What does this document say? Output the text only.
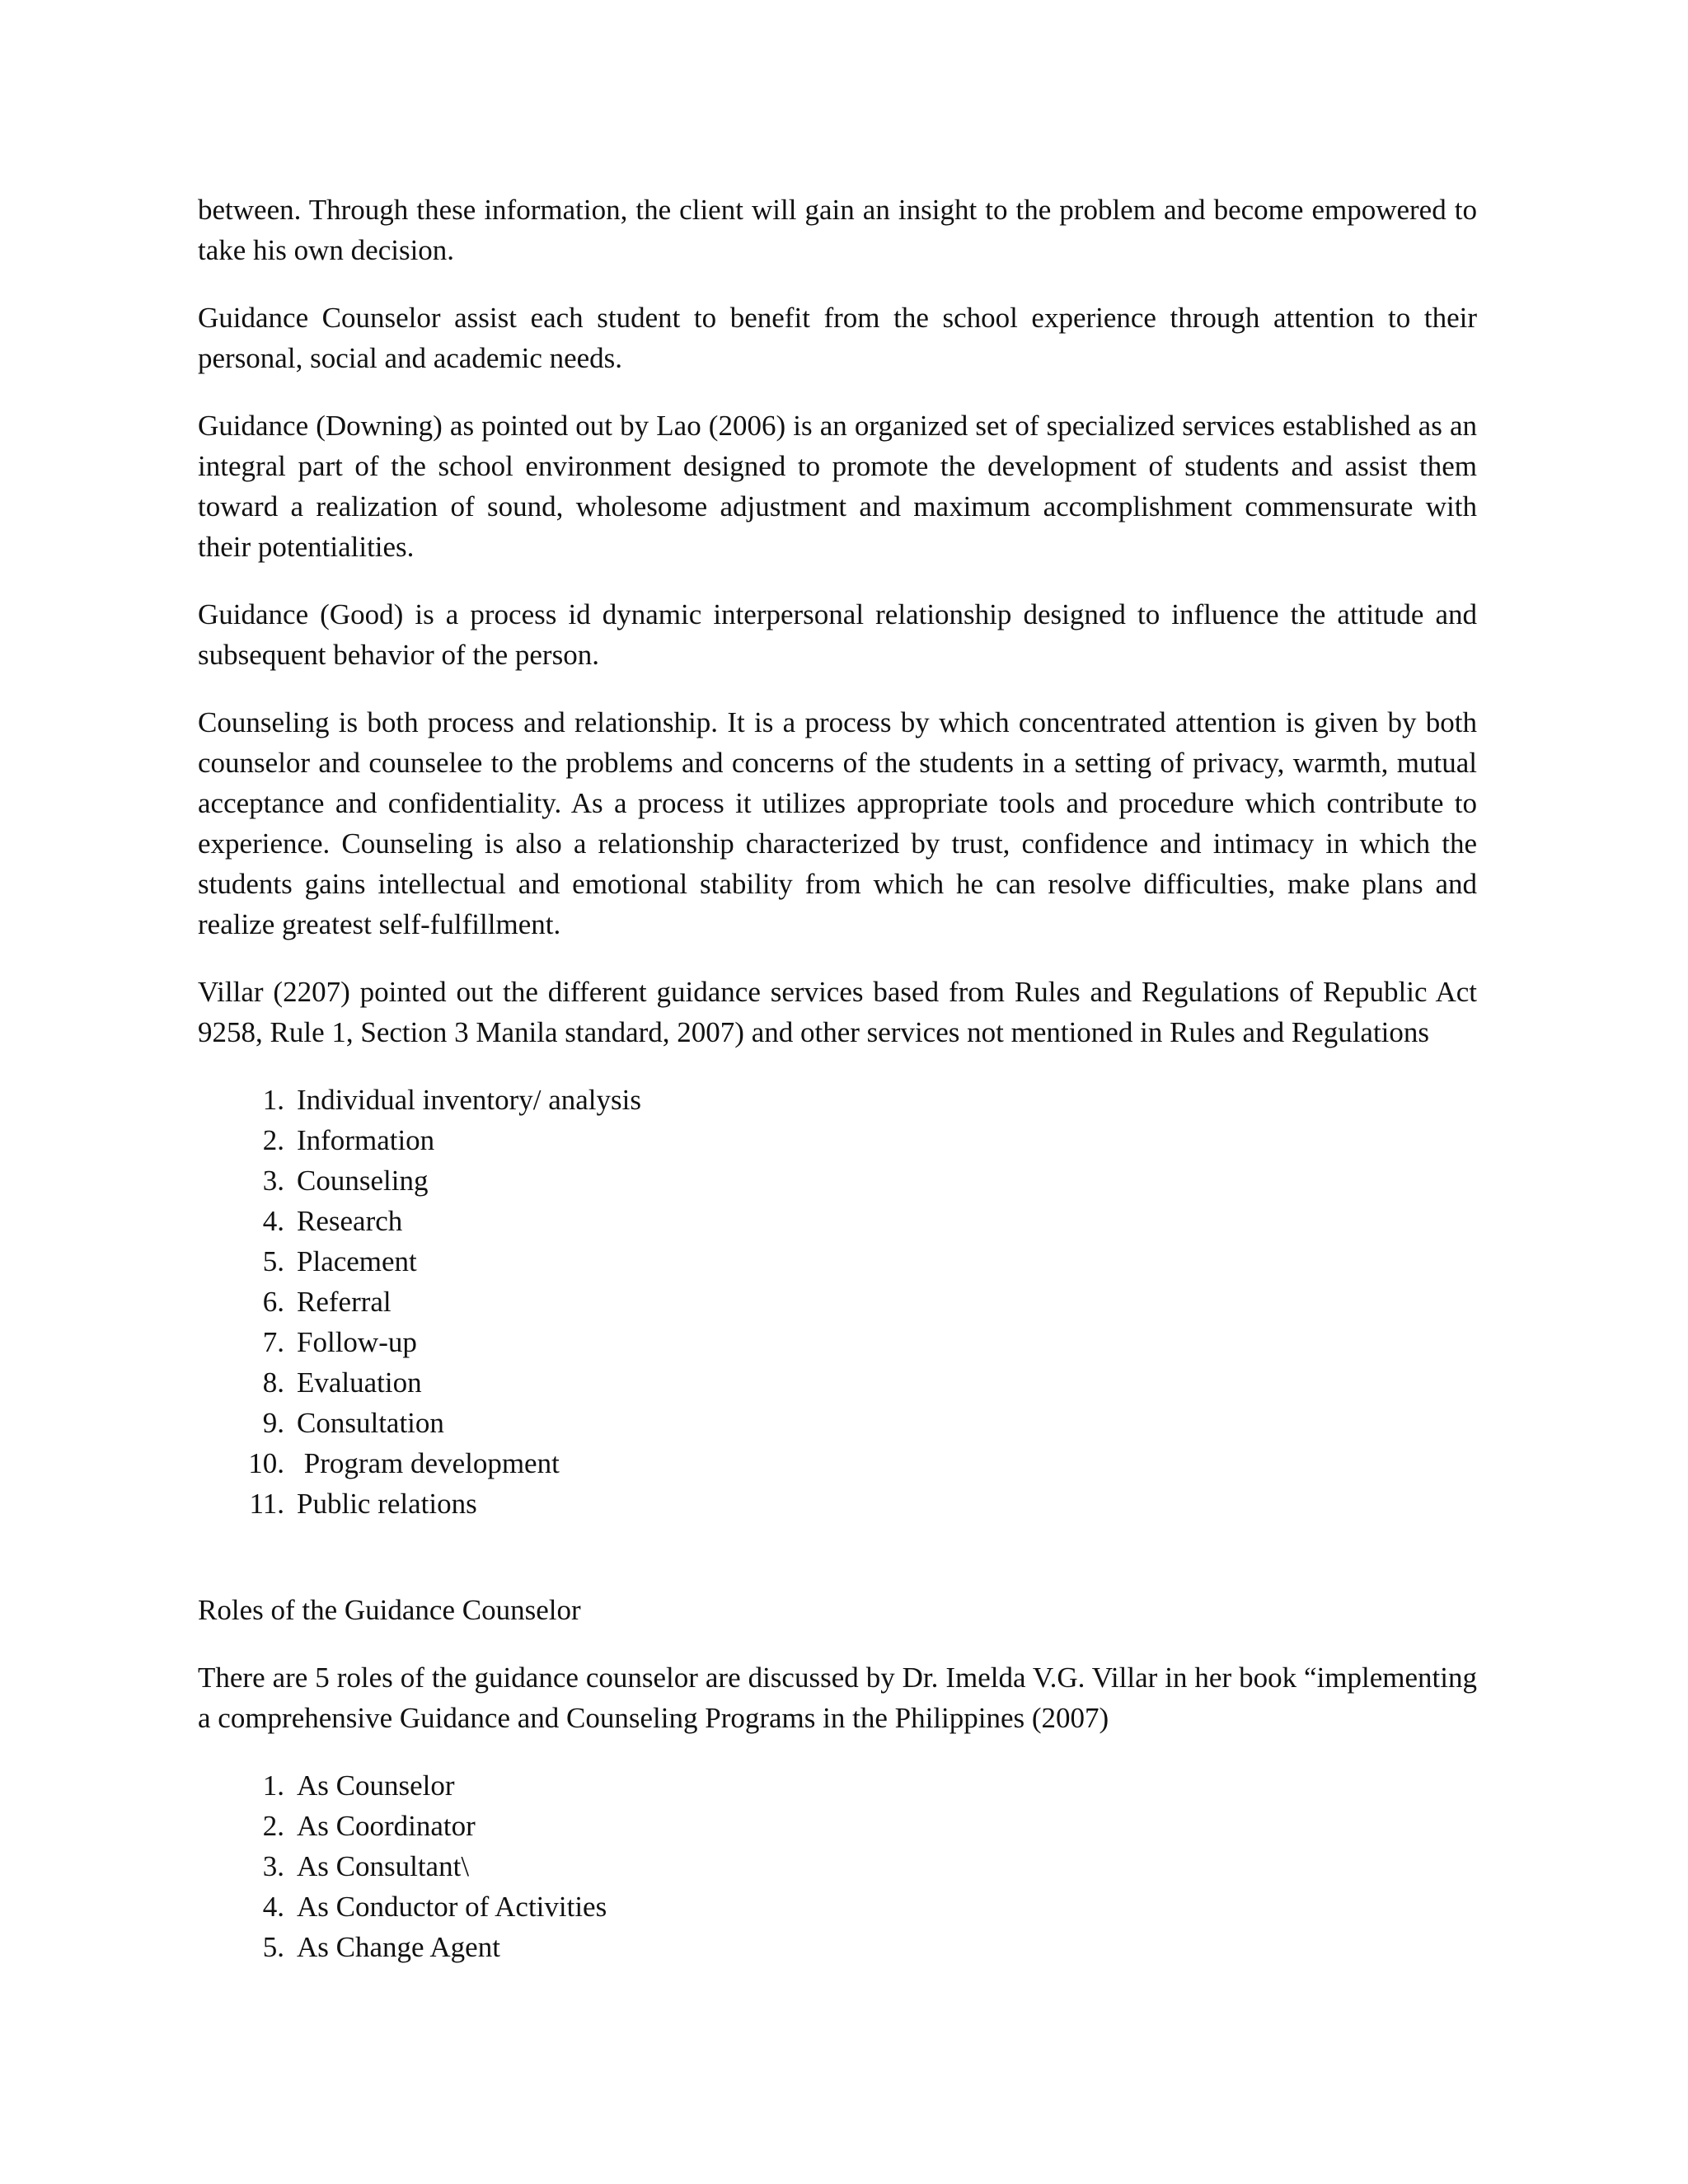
between. Through these information, the client will gain an insight to the problem and become empowered to take his own decision.

Guidance Counselor assist each student to benefit from the school experience through attention to their personal, social and academic needs.

Guidance (Downing) as pointed out by Lao (2006) is an organized set of specialized services established as an integral part of the school environment designed to promote the development of students and assist them toward a realization of sound, wholesome adjustment and maximum accomplishment commensurate with their potentialities.

Guidance (Good) is a process id dynamic interpersonal relationship designed to influence the attitude and subsequent behavior of the person.

Counseling is both process and relationship. It is a process by which concentrated attention is given by both counselor and counselee to the problems and concerns of the students in a setting of privacy, warmth, mutual acceptance and confidentiality. As a process it utilizes appropriate tools and procedure which contribute to experience. Counseling is also a relationship characterized by trust, confidence and intimacy in which the students gains intellectual and emotional stability from which he can resolve difficulties, make plans and realize greatest self-fulfillment.

Villar (2207) pointed out the different guidance services based from Rules and Regulations of Republic Act 9258, Rule 1, Section 3 Manila standard, 2007) and other services not mentioned in Rules and Regulations

1. Individual inventory/ analysis
2. Information
3. Counseling
4. Research
5. Placement
6. Referral
7. Follow-up
8. Evaluation
9. Consultation
10. Program development
11. Public relations

Roles of the Guidance Counselor

There are 5 roles of the guidance counselor are discussed by Dr. Imelda V.G. Villar in her book “implementing a comprehensive Guidance and Counseling Programs in the Philippines (2007)

1. As Counselor
2. As Coordinator
3. As Consultant\
4. As Conductor of Activities
5. As Change Agent
